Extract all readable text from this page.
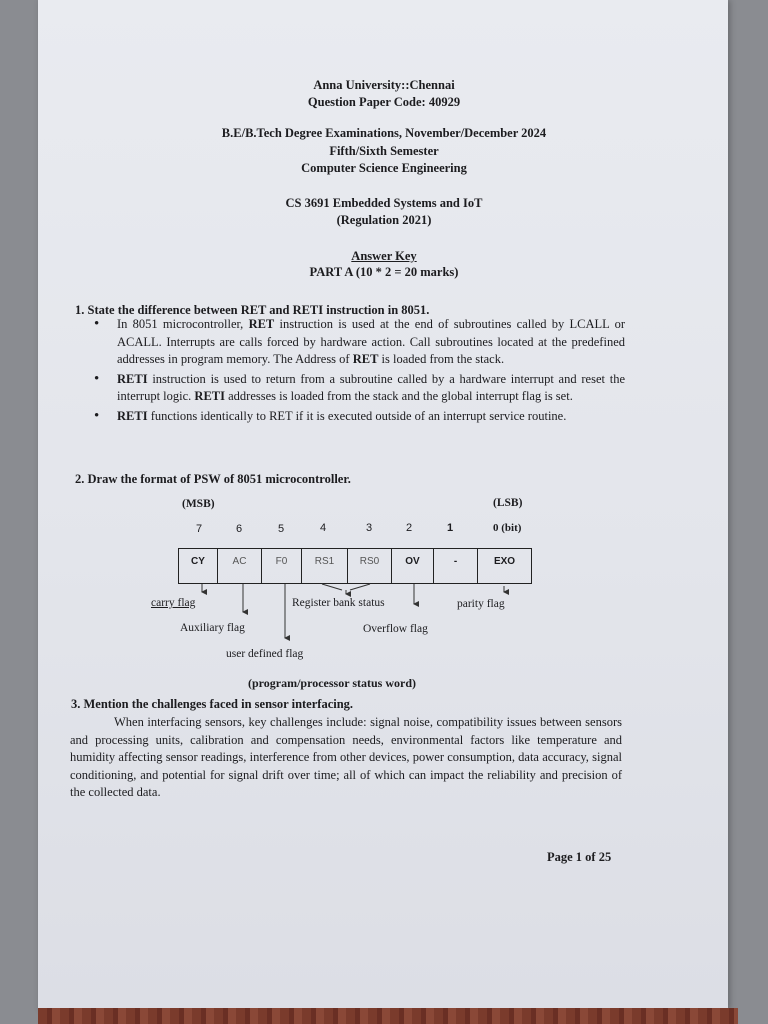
Anna University::Chennai
Question Paper Code: 40929
B.E/B.Tech Degree Examinations, November/December 2024
Fifth/Sixth Semester
Computer Science Engineering
CS 3691 Embedded Systems and IoT
(Regulation 2021)
Answer Key
PART A (10 * 2 = 20 marks)
1. State the difference between RET and RETI instruction in 8051.
• In 8051 microcontroller, RET instruction is used at the end of subroutines called by LCALL or ACALL. Interrupts are calls forced by hardware action. Call subroutines located at the predefined addresses in program memory. The Address of RET is loaded from the stack.
• RETI instruction is used to return from a subroutine called by a hardware interrupt and reset the interrupt logic. RETI addresses is loaded from the stack and the global interrupt flag is set.
• RETI functions identically to RET if it is executed outside of an interrupt service routine.
2. Draw the format of PSW of 8051 microcontroller.
(MSB)	(LSB)
7	6	5	4	3	2	1	0 (bit)
CY	AC	F0	RS1	RS0	OV	-	EXO
carry flag	Register bank status	parity flag
Auxiliary flag	Overflow flag
user defined flag
(program/processor status word)
3. Mention the challenges faced in sensor interfacing.
When interfacing sensors, key challenges include: signal noise, compatibility issues between sensors and processing units, calibration and compensation needs, environmental factors like temperature and humidity affecting sensor readings, interference from other devices, power consumption, data accuracy, signal conditioning, and potential for signal drift over time; all of which can impact the reliability and precision of the collected data.
Page 1 of 25
